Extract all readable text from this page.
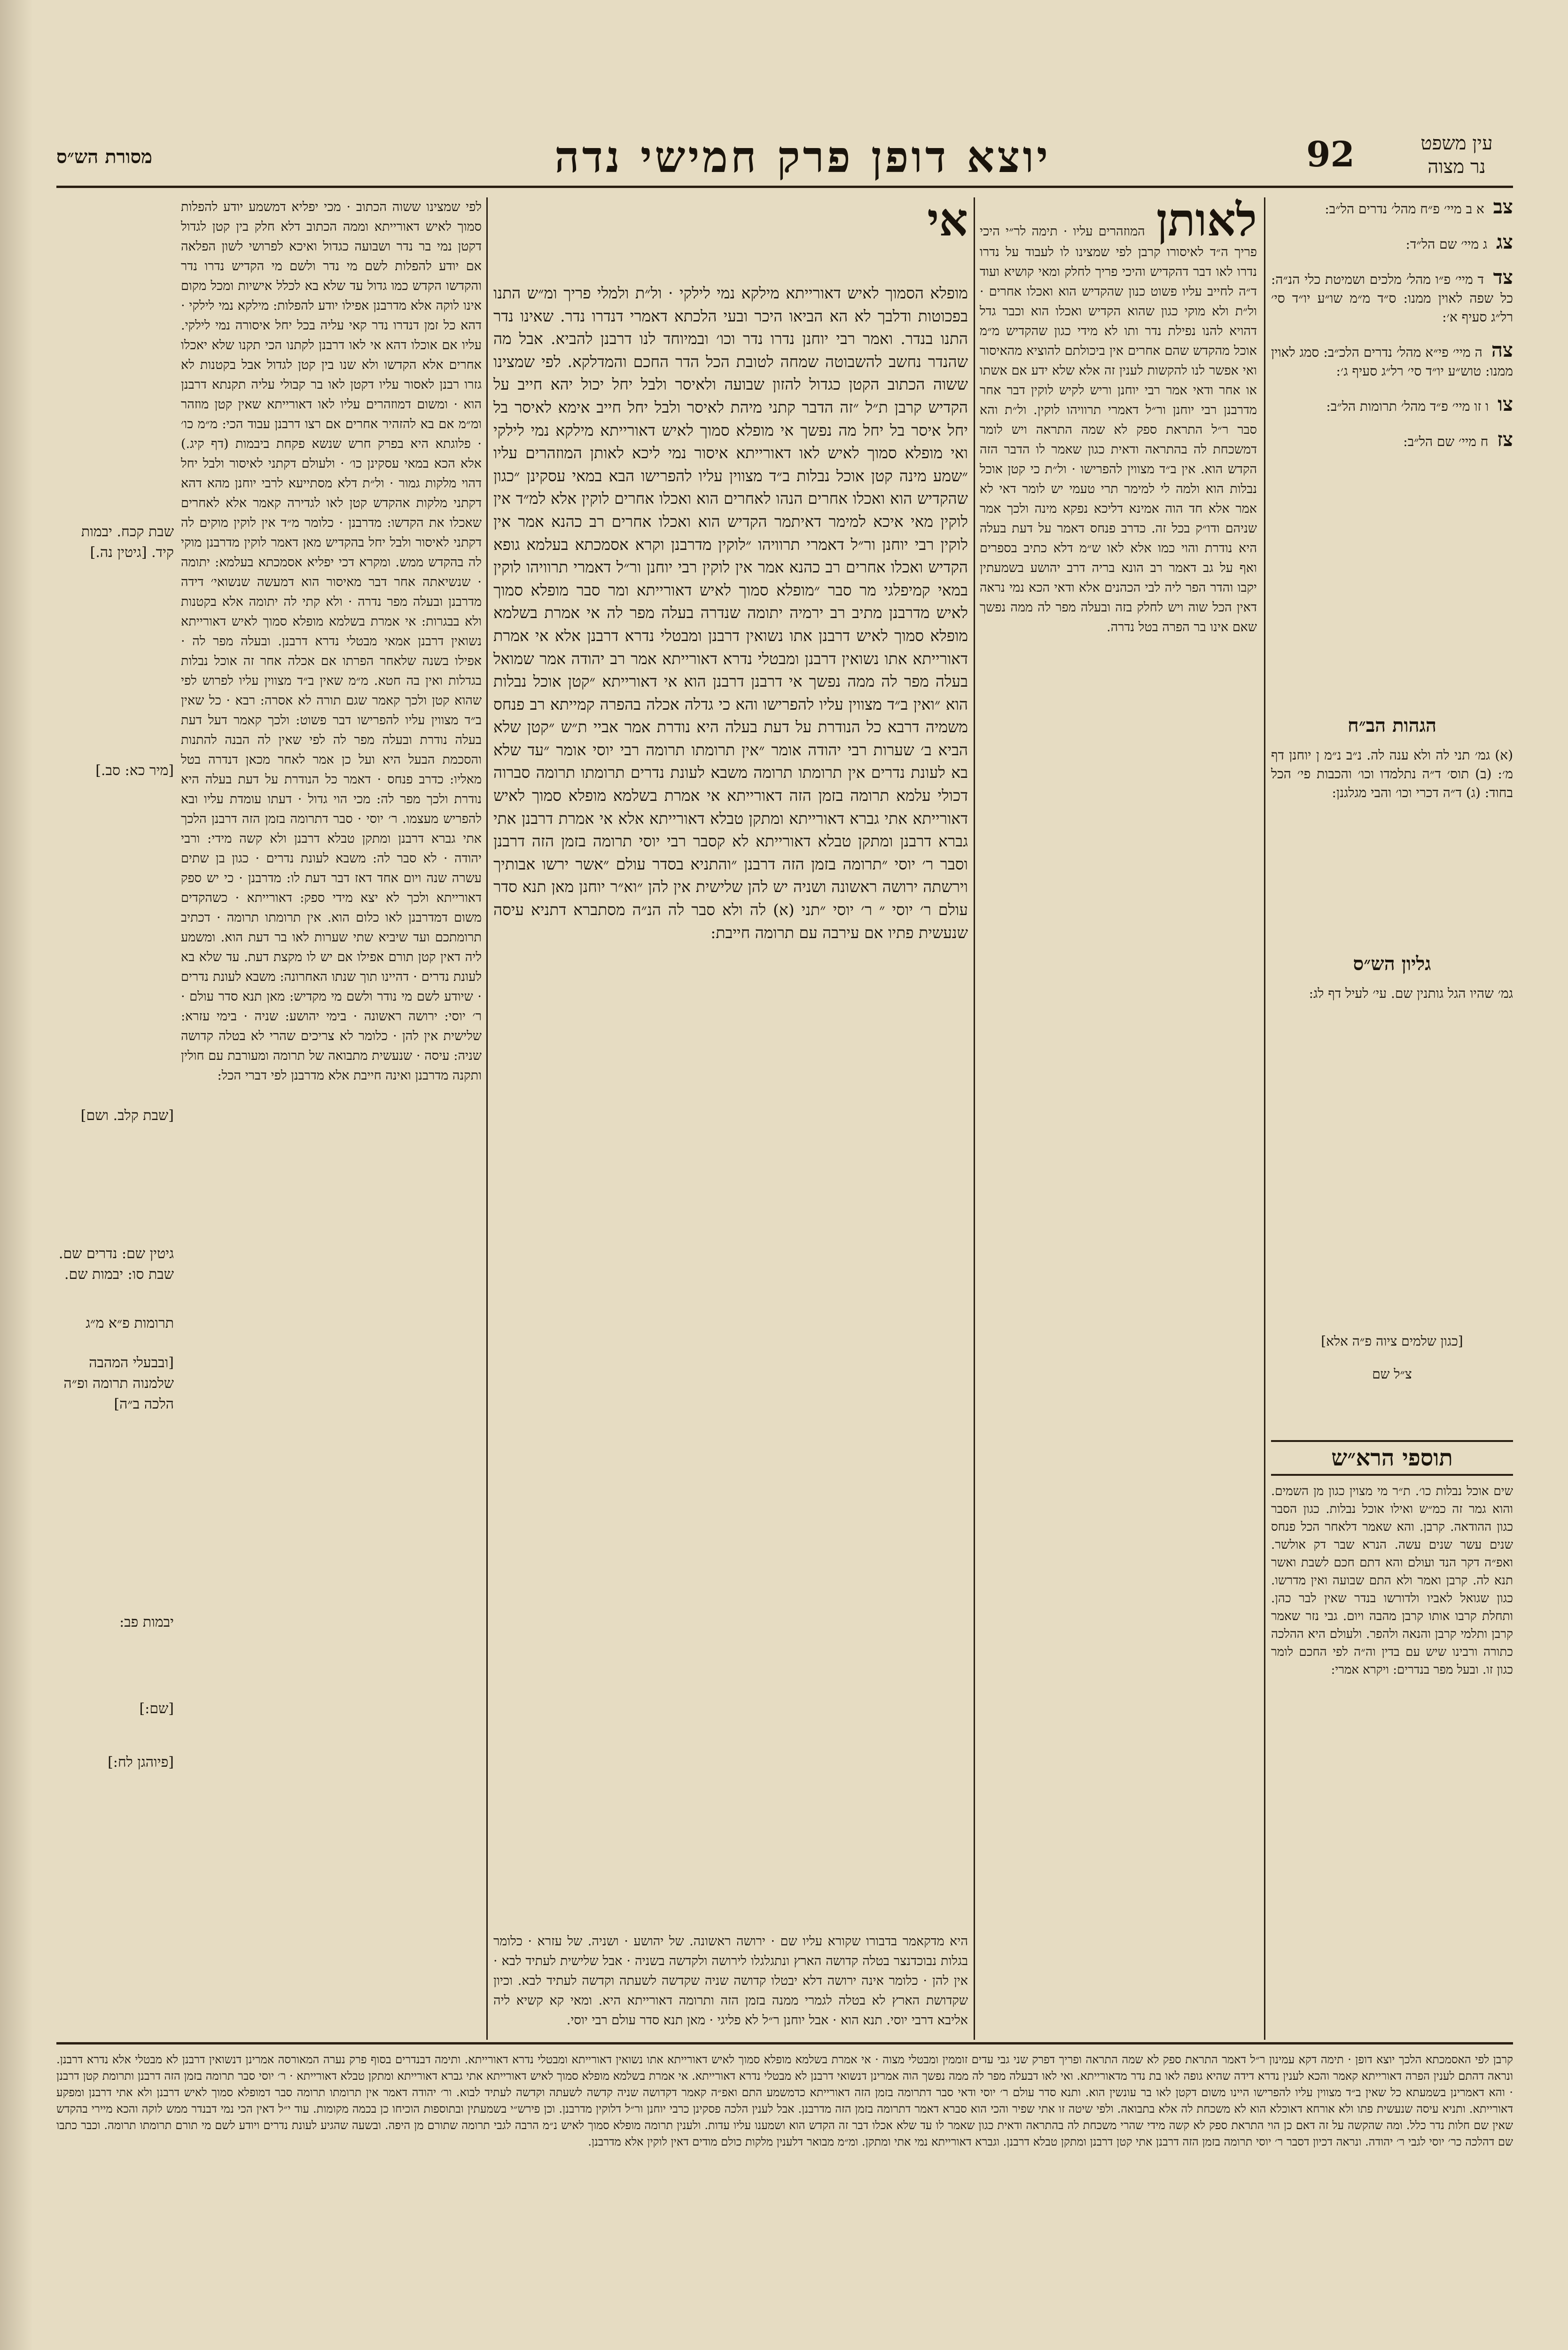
מסורת הש״ס	יוצא דופן פרק חמישי נדה	92	עין משפט
נר מצוה
שבת קכח. יבמות קיד. [גיטין נה.]
[מיר כא: סב.]
[שבת קלב. ושם]
גיטין שם: נדרים שם. שבת סו: יבמות שם.
תרומות פ״א מ״ג
[ובבעלי המהבה שלמנוה תרומה ופ״ה הלכה ב״ה]
יבמות פב:
[שם:]
[פיוהגן לח:]
לפי שמצינו ששוה הכתוב · מכי יפליא דמשמע יודע להפלות סמוך לאיש דאורייתא וממה הכתוב דלא חלק בין קטן לגדול דקטן נמי בר נדר ושבועה כגדול ואיכא לפרושי לשון הפלאה אם יודע להפלות לשם מי נדר ולשם מי הקדיש נדרו נדר והקדשו הקדש כמו גדול עד שלא בא לכלל אישיות ומכל מקום אינו לוקה אלא מדרבנן אפילו יודע להפלות: מילקא נמי לילקי · דהא כל זמן דנדרו נדר קאי עליה בכל יחל איסורה נמי לילקי. עליו אם אוכלו דהא אי לאו דרבנן לקתנו הכי תקנו שלא יאכלו אחרים אלא הקדשו ולא שנו בין קטן לגדול אבל בקטנות לא גזרו רבנן לאסור עליו דקטן לאו בר קבולי עליה תקנתא דרבנן הוא · ומשום דמוזהרים עליו לאו דאורייתא שאין קטן מוזהר ומ״מ אם בא להזהיר אחרים אם רצו דרבנן עבוד הכי: מ״מ כו׳ · פלוגתא היא בפרק חרש שנשא פקחת ביבמות (דף קיג.) אלא הכא במאי עסקינן כו׳ · ולעולם דקתני לאיסור ולבל יחל דהוי מלקות גמור · ול״ת דלא מסתייעא לרבי יוחנן מהא דהא דקתני מלקות אהקדש קטן לאו לגדירה קאמר אלא לאחרים שאכלו את הקדשו: מדרבנן · כלומר מ״ד אין לוקין מוקים לה דקתני לאיסור ולבל יחל בהקדיש מאן דאמר לוקין מדרבנן מוקי לה בהקדש ממש. ומקרא דכי יפליא אסמכתא בעלמא: יתומה · שנשיאתה אחר דבר מאיסור הוא דמעשה שנשואי׳ דידה מדרבנן ובעלה מפר נדרה · ולא קתי לה יתומה אלא בקטנות ולא בבגרות: אי אמרת בשלמא מופלא סמוך לאיש דאורייתא נשואין דרבנן אמאי מבטלי נדרא דרבנן. ובעלה מפר לה · אפילו בשנה שלאחר הפרתו אם אכלה אחר זה אוכל נבלות בגדלות ואין בה חטא. מ״מ שאין ב״ד מצווין עליו לפרוש לפי שהוא קטן ולכך קאמר שגם תורה לא אסרה: רבא · כל שאין ב״ד מצווין עליו להפרישו דבר פשוט: ולכך קאמר דעל דעת בעלה נודרת ובעלה מפר לה לפי שאין לה הבנה להתנות והסכמת הבעל היא ועל כן אמר לאחר מכאן דנדרה בטל מאליו: כדרב פנחס · דאמר כל הנודרת על דעת בעלה היא נודרת ולכך מפר לה: מכי הוי גדול · דעתו עומדת עליו ובא להפריש מעצמו. ר׳ יוסי · סבר דתרומה בזמן הזה דרבנן הלכך אתי גברא דרבנן ומתקן טבלא דרבנן ולא קשה מידי: ורבי יהודה · לא סבר לה: משבא לעונת נדרים · כגון בן שתים עשרה שנה ויום אחד דאז דבר דעת לו: מדרבנן · כי יש ספק דאורייתא ולכך לא יצא מידי ספק: דאורייתא · כשהקדים משום דמדרבנן לאו כלום הוא. אין תרומתו תרומה · דכתיב תרומתכם ועד שיביא שתי שערות לאו בר דעת הוא. ומשמע ליה דאין קטן תורם אפילו אם יש לו מקצת דעת. עד שלא בא לעונת נדרים · דהיינו תוך שנתו האחרונה: משבא לעונת נדרים · שיודע לשם מי נודר ולשם מי מקדיש: מאן תנא סדר עולם · ר׳ יוסי: ירושה ראשונה · בימי יהושע: שניה · בימי עזרא: שלישית אין להן · כלומר לא צריכים שהרי לא בטלה קדושה שניה: עיסה · שנעשית מתבואה של תרומה ומעורבת עם חולין ותקנה מדרבנן ואינה חייבת אלא מדרבנן לפי דברי הכל:
מופלא הסמוך לאיש דאורייתא מילקא נמי לילקי · ול״ת ולמלי פריך ומ״ש התנו בפכוטות ודלבך לא הא הביאו היכר ובעי הלכתא דאמרי דנדרו נדר. שאינו נדר התנו בנדר. ואמר רבי יוחנן נדרו נדר וכו׳ ובמיוחד לנו דרבנן להביא. אבל מה שהנדר נחשב להשבוטה שמחה לטובת הכל הדר החכם והמדלקא. לפי שמצינו ששוה הכתוב הקטן כגדול להזון שבועה ולאיסר ולבל יחל יכול יהא חייב על הקדיש קרבן ת״ל ״זה הדבר קתני מיהת לאיסר ולבל יחל חייב אימא לאיסר בל יחל איסר בל יחל מה נפשך אי מופלא סמוך לאיש דאורייתא מילקא נמי לילקי ואי מופלא סמוך לאיש לאו דאורייתא איסור נמי ליכא לאותן המוזהרים עליו ״שמע מינה קטן אוכל נבלות ב״ד מצווין עליו להפרישו הבא במאי עסקינן ״כגון שהקדיש הוא ואכלו אחרים הנהו לאחרים הוא ואכלו אחרים לוקין אלא למ״ד אין לוקין מאי איכא למימר דאיתמר הקדיש הוא ואכלו אחרים רב כהנא אמר אין לוקין רבי יוחנן ור״ל דאמרי תרוויהו ״לוקין מדרבנן וקרא אסמכתא בעלמא גופא הקדיש ואכלו אחרים רב כהנא אמר אין לוקין רבי יוחנן ור״ל דאמרי תרוויהו לוקין במאי קמיפלגי מר סבר ״מופלא סמוך לאיש דאורייתא ומר סבר מופלא סמוך לאיש מדרבנן מתיב רב ירמיה יתומה שנדרה בעלה מפר לה אי אמרת בשלמא מופלא סמוך לאיש דרבנן אתו נשואין דרבנן ומבטלי נדרא דרבנן אלא אי אמרת דאורייתא אתו נשואין דרבנן ומבטלי נדרא דאורייתא אמר רב יהודה אמר שמואל בעלה מפר לה ממה נפשך אי דרבנן דרבנן הוא אי דאורייתא ״קטן אוכל נבלות הוא ״ואין ב״ד מצווין עליו להפרישו והא כי גדלה אכלה בהפרה קמייתא רב פנחס משמיה דרבא כל הנודרת על דעת בעלה היא נודרת אמר אביי ת״ש ״קטן שלא הביא ב׳ שערות רבי יהודה אומר ״אין תרומתו תרומה רבי יוסי אומר ״עד שלא בא לעונת נדרים אין תרומתו תרומה משבא לעונת נדרים תרומתו תרומה סברוה דכולי עלמא תרומה בזמן הזה דאורייתא אי אמרת בשלמא מופלא סמוך לאיש דאורייתא אתי גברא דאורייתא ומתקן טבלא דאורייתא אלא אי אמרת דרבנן אתי גברא דרבנן ומתקן טבלא דאורייתא לא קסבר רבי יוסי תרומה בזמן הזה דרבנן וסבר ר׳ יוסי ״תרומה בזמן הזה דרבנן ״והתניא בסדר עולם ״אשר ירשו אבותיך וירשתה ירושה ראשונה ושניה יש להן שלישית אין להן ״וא״ר יוחנן מאן תנא סדר עולם ר׳ יוסי ״ ר׳ יוסי ״תני (א) לה ולא סבר לה הנ״ה מסתברא דתניא עיסה שנעשית פתיו אם עירבה עם תרומה חייבת:
אי
היא מדקאמר בדבורו שקורא עליו שם · ירושה ראשונה. של יהושע · ושניה. של עזרא · כלומר בגלות נבוכדנצר בטלה קדושה הארץ ונתגלגלו לירושה ולקדשה בשניה · אבל שלישית לעתיד לבא · אין להן · כלומר אינה ירושה דלא יבטלו קדושה שניה שקדשה לשעתה וקדשה לעתיד לבא. וכיון שקדושת הארץ לא בטלה לגמרי ממנה בזמן הזה ותרומה דאורייתא היא. ומאי קא קשיא ליה אליבא דרבי יוסי. תנא הוא · אבל יוחנן ר״ל לא פליגי · מאן תנא סדר עולם רבי יוסי.
לאותן המוזהרים עליו · תימה לר״י היכי פריך ה״ד לאיסורו קרבן לפי שמצינו לו לעבוד על נדרו נדרו לאו דבר דהקדיש והיכי פריך לחלק ומאי קושיא ועוד ד״ה לחייב עליו פשוט כנון שהקדיש הוא ואכלו אחרים · ול״ת ולא מוקי כגון שהוא הקדיש ואכלו הוא וכבר גדל דהויא להנו נפילת נדר ותו לא מידי כגון שהקדיש מ״מ אוכל מהקדש שהם אחרים אין ביכולתם להוציא מהאיסור ואי אפשר לנו להקשות לענין זה אלא שלא ידע אם אשתו או אחר ודאי אמר רבי יוחנן וריש לקיש לוקין דבר אחר מדרבנן רבי יוחנן ור״ל דאמרי תרוויהו לוקין. ול״ת והא סבר ר״ל התראת ספק לא שמה התראה ויש לומר דמשכחת לה בהתראה ודאית כגון שאמר לו הדבר הזה הקדש הוא. אין ב״ד מצווין להפרישו · ול״ת כי קטן אוכל נבלות הוא ולמה לי למימר תרי טעמי יש לומר דאי לא אמר אלא חד הוה אמינא דליכא נפקא מינה ולכך אמר שניהם ודו״ק בכל זה. כדרב פנחס דאמר על דעת בעלה היא נודרת והוי כמו אלא לאו ש״מ דלא כתיב בספרים ואף על גב דאמר רב הונא בריה דרב יהושע בשמעתין יקבו והדר הפר ליה לבי הכהנים אלא ודאי הכא נמי נראה דאין הכל שוה ויש לחלק בזה ובעלה מפר לה ממה נפשך שאם אינו בר הפרה בטל נדרה.
צב א ב מיי׳ פ״ח מהל׳ נדרים הל״ב:
צג ג מיי׳ שם הל״ד:
צד ד מיי׳ פ״ו מהל׳ מלכים ושמיטת כלי הנ״ה: כל שפה לאוין ממנו: ס״ד מ״מ שו״ע יו״ד סי׳ רל״ג סעיף א׳:
צה ה מיי׳ פי״א מהל׳ נדרים הלכ״ב: סמג לאוין ממנו: טוש״ע יו״ד סי׳ רל״ג סעיף ג׳:
צו ו זו מיי׳ פ״ד מהל׳ תרומות הל״ב:
צז ח מיי׳ שם הל״ב:
הגהות הב״ח
(א) גמ׳ תני לה ולא ענה לה. נ״ב נ״מ ן יוחנן דף מ׳: (ב) תוס׳ ד״ה נתלמדו וכו׳ והכבות פי׳ הכל בחוד: (ג) ד״ה דכרי וכו׳ והבי מגלגנן:
גליון הש״ס
גמ׳ שהיו הגל גותנין שם. עי׳ לעיל דף לג:
[כגון שלמים ציוה פ״ה אלא]
צ״ל שם
תוספי הרא״ש
שים אוכל נבלות כו׳. ת״ר מי מצוין כגון מן השמים. והוא גמר זה כמ״ש ואילו אוכל נבלות. כגון הסבר כגון ההודאה. קרבן. והא שאמר דלאחר הכל פנחס שנים עשר שנים עשה. הנרא שבר דק אולשר. ואפ״ה דקר הנד ועולם והא דתם חכם לשבת ואשר תנא לה. קרבן ואמר ולא התם שבועה ואין מדרשו. כגון שגואל לאביו ולדורשו בנדר שאין לבר כהן. ותחלת קרבו אותו קרבן מהבה ויום. גבי נזר שאמר קרבן ותלמי קרבן והנאה ולהפר. ולעולם היא ההלכה כתורה ורבינו שיש עם בדין וה״ה לפי החכם לומר כגון זו. ובעל מפר בנדרים: ויקרא אמרי:
קרבן לפי האסמכתא הלכך יוצא דופן · תימה דקא עמינון ר״ל דאמר התראת ספק לא שמה התראה ופריך דפרק שני גבי עדים זוממין ומבטלי מצוה · אי אמרת בשלמא מופלא סמוך לאיש דאורייתא אתו נשואין דאורייתא ומבטלי נדרא דאורייתא. ותימה דבנדרים בסוף פרק נערה המאורסה אמרינן דנשואין דרבנן לא מבטלי אלא נדרא דרבנן. ונראה דהתם לענין הפרה דאורייתא קאמר והכא לענין נדרא דידה שהיא גופה לאו בת נדר מדאורייתא. ואי לאו דבעלה מפר לה ממה נפשך הוה אמרינן דנשואי דרבנן לא מבטלי נדרא דאורייתא. אי אמרת בשלמא מופלא סמוך לאיש דאורייתא אתי גברא דאורייתא ומתקן טבלא דאורייתא · ר׳ יוסי סבר תרומה בזמן הזה דרבנן ותרומת קטן דרבנן · והא דאמרינן בשמעתא כל שאין ב״ד מצווין עליו להפרישו היינו משום דקטן לאו בר עונשין הוא. ותנא סדר עולם ר׳ יוסי ודאי סבר דתרומה בזמן הזה דאורייתא כדמשמע התם ואפ״ה קאמר דקדושה שניה קדשה לשעתה וקדשה לעתיד לבוא. ור׳ יהודה דאמר אין תרומתו תרומה סבר דמופלא סמוך לאיש דרבנן ולא אתי דרבנן ומפקע דאורייתא. ותניא עיסה שנעשית פתו ולא אורחא דאוכלא הוא לא משכחת לה אלא בתבואה. ולפי שיטה זו אתי שפיר והכי הוא סברא דאמר דתרומה בזמן הזה מדרבנן. אבל לענין הלכה פסקינן כרבי יוחנן ור״ל דלוקין מדרבנן. וכן פירש״י בשמעתין ובתוספות הוכיחו כן בכמה מקומות. עוד י״ל דאין הכי נמי דבנדר ממש לוקה והכא מיירי בהקדש שאין שם חלות נדר כלל. ומה שהקשה על זה דאם כן הוי התראת ספק לא קשה מידי שהרי משכחת לה בהתראה ודאית כגון שאמר לו עד שלא אכלו דבר זה הקדש הוא ושמענו עליו עדות. ולענין תרומה מופלא סמוך לאיש נ״מ הרבה לגבי תרומה שתורם מן היפה. ובשעה שהגיע לעונת נדרים ויודע לשם מי תורם תרומתו תרומה. וכבר כתבו שם דהלכה כר׳ יוסי לגבי ר׳ יהודה. ונראה דכיון דסבר ר׳ יוסי תרומה בזמן הזה דרבנן אתי קטן דרבנן ומתקן טבלא דרבנן. וגברא דאורייתא נמי אתי ומתקן. ומ״מ מבואר דלענין מלקות כולם מודים דאין לוקין אלא מדרבנן.
